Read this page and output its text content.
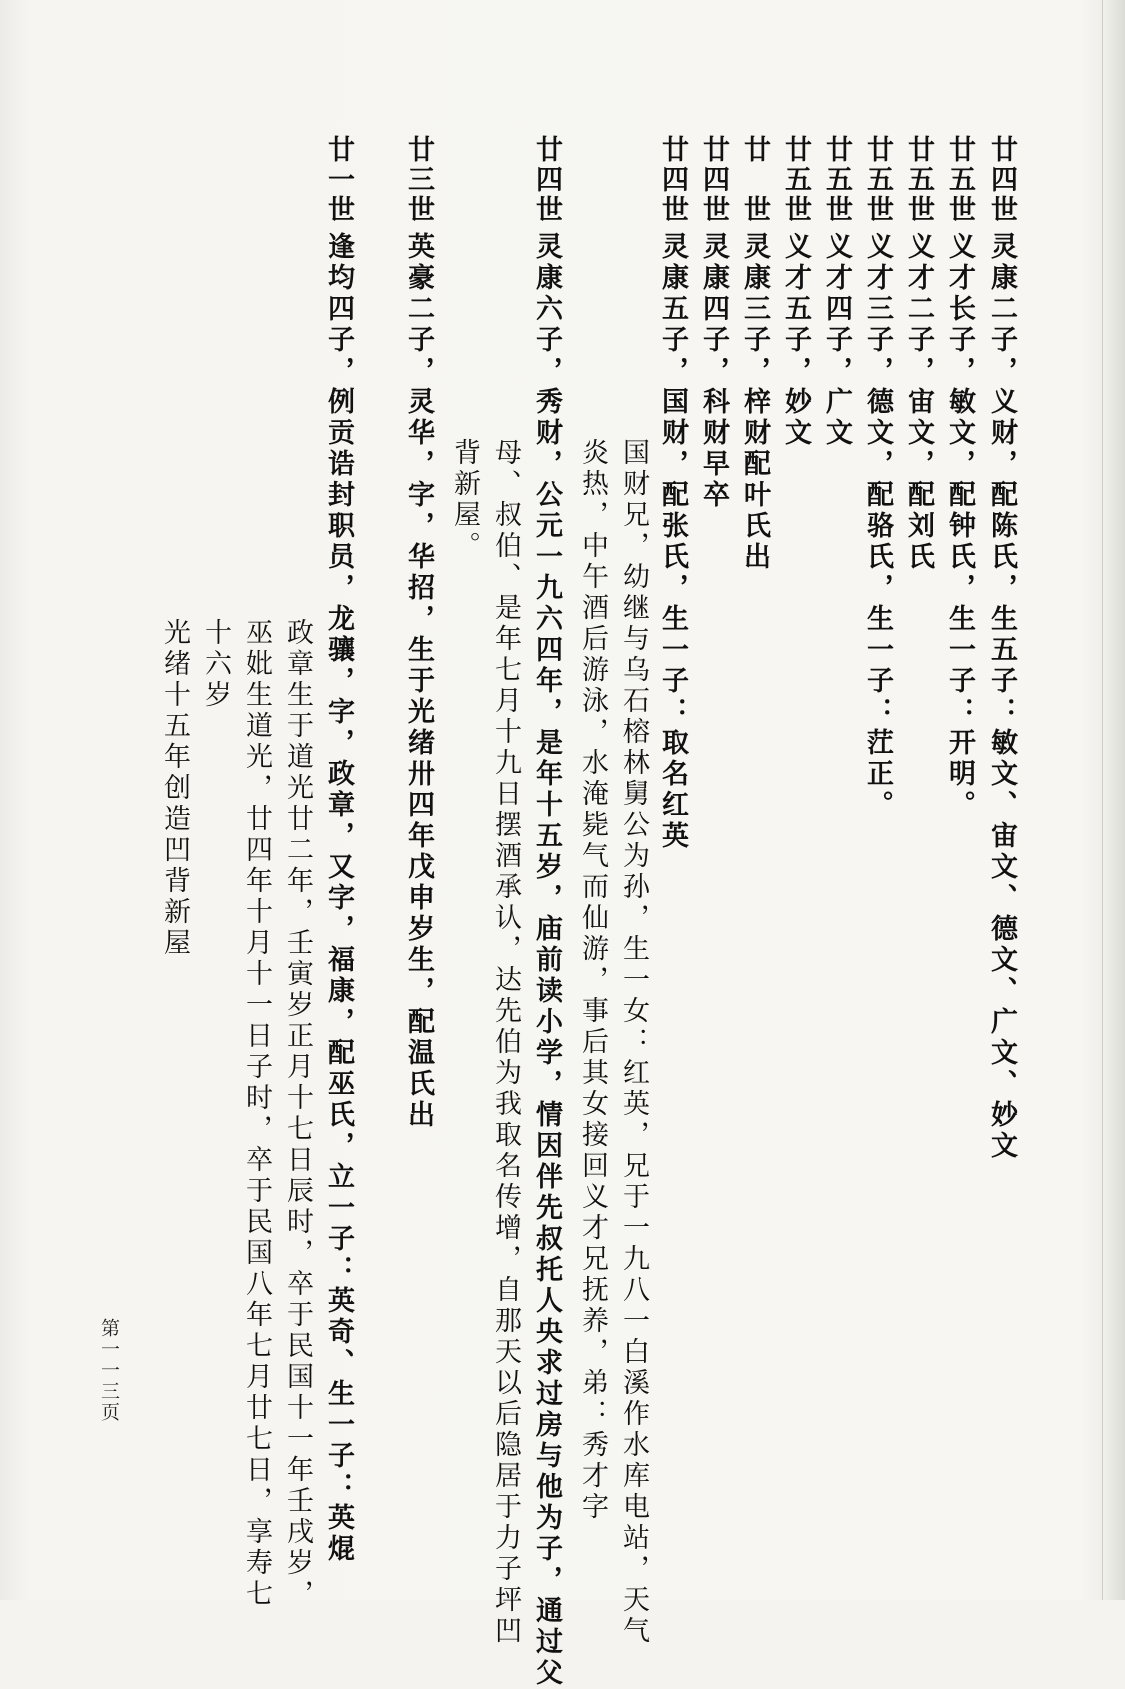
廿四世
灵康二子，义财，配陈氏，生五子：敏文、宙文、德文、广文、妙文
廿五世
义才长子，敏文，配钟氏，生一子：开明。
廿五世
义才二子，宙文，配刘氏
廿五世
义才三子，德文，配骆氏，生一子：茳正。
廿五世
义才四子，广文
廿五世
义才五子，妙文
廿　世
灵康三子，梓财配叶氏出
廿四世
灵康四子，科财早卒
廿四世
灵康五子，国财，配张氏，生一子：取名红英
国财兄，幼继与乌石榕林舅公为孙，生一女：红英，兄于一九八一白溪作水库电站，天气
炎热，中午酒后游泳，水淹毙气而仙游，事后其女接回义才兄抚养，弟：秀才字
廿四世
灵康六子，秀财，公元一九六四年，是年十五岁，庙前读小学，情因伴先叔托人央求过房与他为子，通过父
母、叔伯、是年七月十九日摆酒承认，达先伯为我取名传增，自那天以后隐居于力子坪凹
背新屋。
廿三世
英豪二子，灵华，字，华招，生于光绪卅四年戊申岁生，配温氏出
廿一世
逢均四子，例贡诰封职员，龙骧，字，政章，又字，福康，配巫氏，立一子：英奇、生一子：英焜
政章生于道光廿二年，壬寅岁正月十七日辰时，卒于民国十一年壬戌岁，
巫妣生道光，廿四年十月十一日子时，卒于民国八年七月廿七日，享寿七
十六岁
光绪十五年创造凹背新屋
第一一三页
